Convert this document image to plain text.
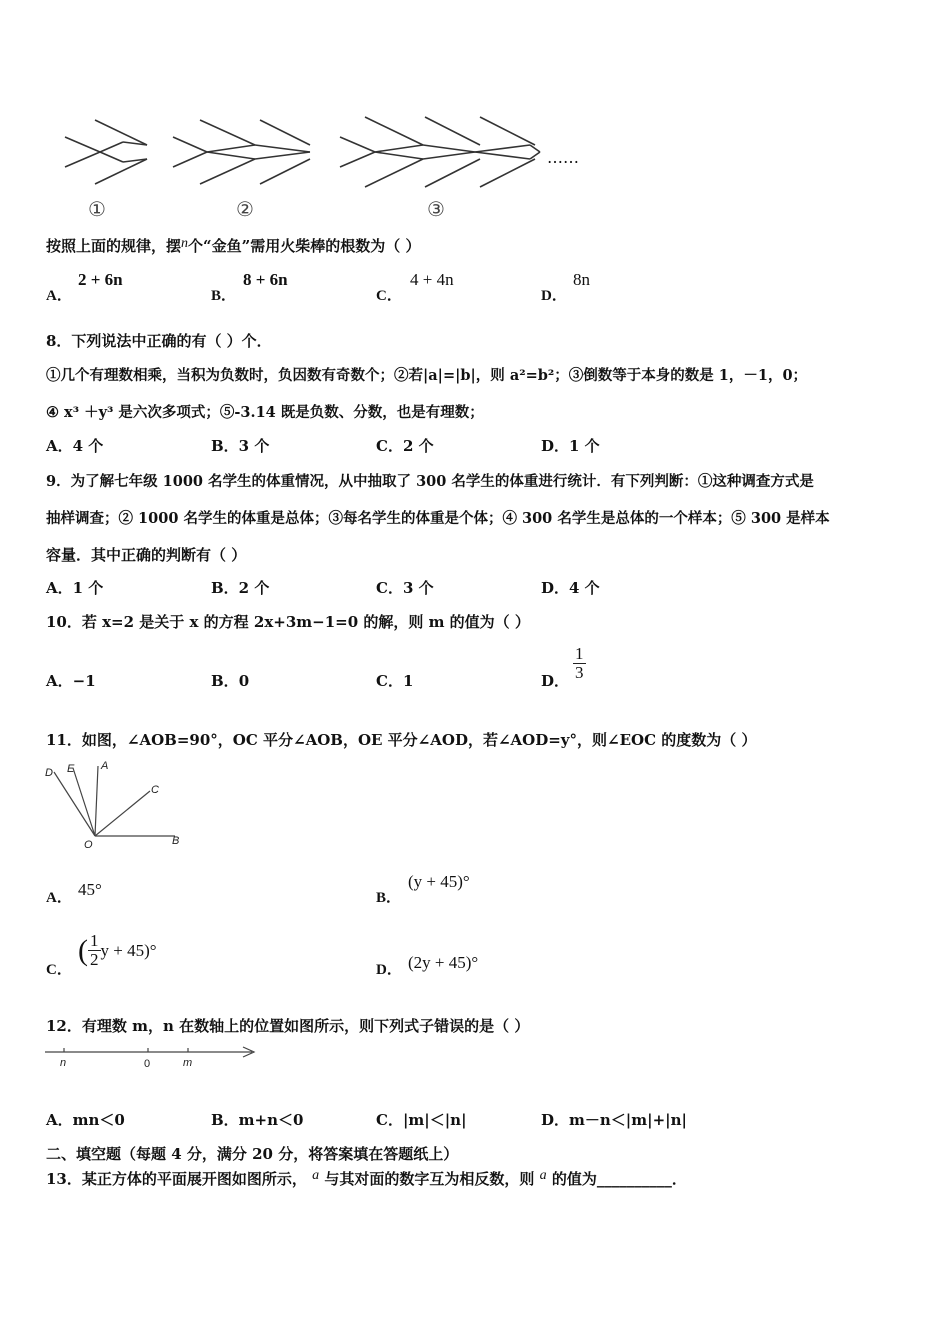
……
①	②	③
按照上面的规律，摆n个“金鱼”需用火柴棒的根数为（ ）
A．
2 + 6n
B．
8 + 6n
C．
4 + 4n
D．
8n
8．下列说法中正确的有（ ）个．
①几个有理数相乘，当积为负数时，负因数有奇数个；②若|a|=|b|，则 a²=b²；③倒数等于本身的数是 1，－1，0；
④ x³ ＋y³ 是六次多项式；⑤-3.14 既是负数、分数，也是有理数；
A．4 个	B．3 个	C．2 个	D．1 个
9．为了解七年级 1000 名学生的体重情况，从中抽取了 300 名学生的体重进行统计．有下列判断：①这种调查方式是
抽样调查；② 1000 名学生的体重是总体；③每名学生的体重是个体；④ 300 名学生是总体的一个样本；⑤ 300 是样本
容量．其中正确的判断有（ ）
A．1 个	B．2 个	C．3 个	D．4 个
10．若 x=2 是关于 x 的方程 2x+3m−1=0 的解，则 m 的值为（ ）
A．−1	B．0	C．1	D． $\frac{1}{3}$
11．如图，∠AOB=90°，OC 平分∠AOB，OE 平分∠AOD，若∠AOD=y°，则∠EOC 的度数为（ ）
D E A
C
O	B
A． 45°	B．
(y + 45)°
C．
( $\frac{1}{2}$ y + 45)°
D． (2y + 45)°
12．有理数 m，n 在数轴上的位置如图所示，则下列式子错误的是（ ）
n	0	m
A．mn＜0	B．m+n＜0	C．|m|＜|n|	D．m－n＜|m|+|n|
二、填空题（每题 4 分，满分 20 分，将答案填在答题纸上）
13．某正方体的平面展开图如图所示， a 与其对面的数字互为相反数，则 a 的值为__________．
